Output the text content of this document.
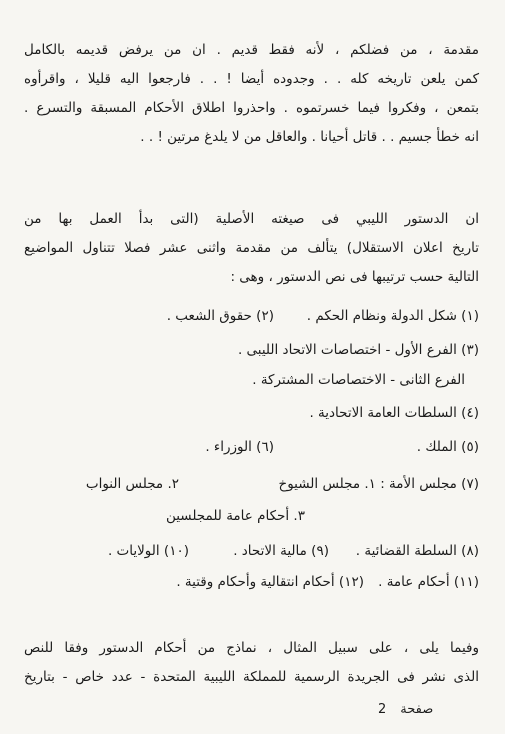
مقدمة ، من فضلكم ، لأنه فقط قديم . ان من يرفض قديمه بالكامل
كمن يلعن تاريخه كله . . وجدوده أيضا ! . . فارجعوا اليه قليلا ، واقرأوه
بتمعن ، وفكروا فيما خسرتموه . واحذروا اطلاق الأحكام المسبقة والتسرع .
انه خطأ جسيم . . قاتل أحيانا . والعاقل من لا يلدغ مرتين ! . .
ان الدستور الليبي فى صيغته الأصلية (التى بدأ العمل بها من
تاريخ اعلان الاستقلال) يتألف من مقدمة واثنى عشر فصلا تتناول المواضيع
التالية حسب ترتيبها فى نص الدستور ، وهى :
(١) شكل الدولة ونظام الحكم .(٢) حقوق الشعب .
(٣) الفرع الأول - اختصاصات الاتحاد الليبى .
الفرع الثانى - الاختصاصات المشتركة .
(٤) السلطات العامة الاتحادية .
(٥) الملك .(٦) الوزراء .
(٧) مجلس الأمة : ١. مجلس الشيوخ٢. مجلس النواب
٣. أحكام عامة للمجلسين
(٨) السلطة القضائية .(٩) مالية الاتحاد .(١٠) الولايات .
(١١) أحكام عامة .(١٢) أحكام انتقالية وأحكام وقتية .
وفيما يلى ، على سبيل المثال ، نماذج من أحكام الدستور وفقا للنص
الذى نشر فى الجريدة الرسمية للمملكة الليبية المتحدة - عدد خاص - بتاريخ
صفحة
2
